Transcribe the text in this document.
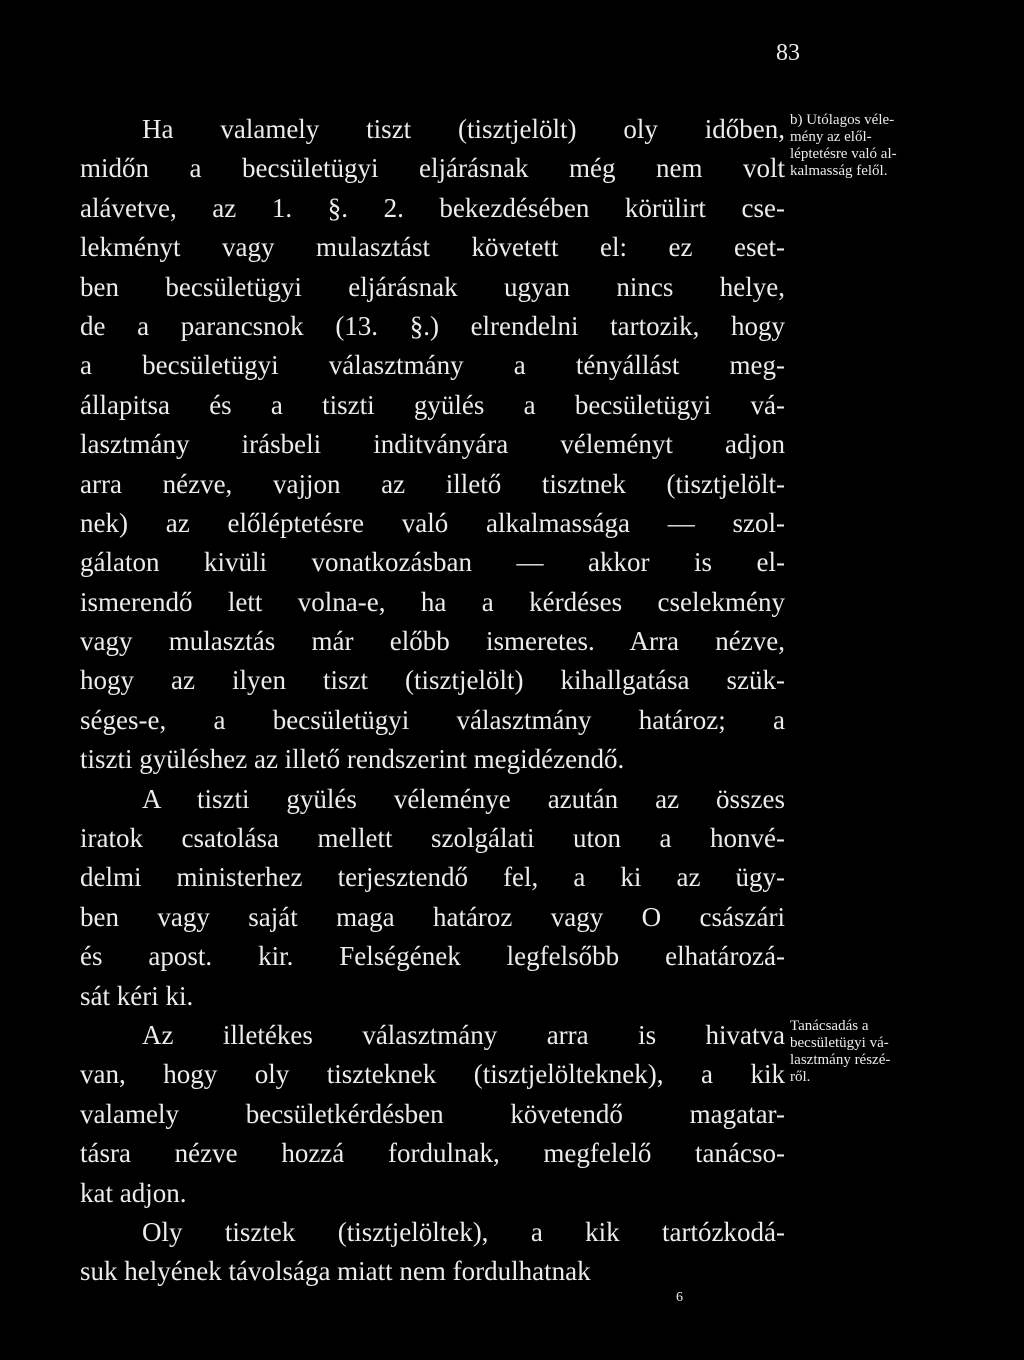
83
Ha valamely tiszt (tisztjelölt) oly időben,
midőn a becsületügyi eljárásnak még nem volt
alávetve, az 1. §. 2. bekezdésében körülirt cse-
lekményt vagy mulasztást követett el: ez eset-
ben becsületügyi eljárásnak ugyan nincs helye,
de a parancsnok (13. §.) elrendelni tartozik, hogy
a becsületügyi választmány a tényállást meg-
állapitsa és a tiszti gyülés a becsületügyi vá-
lasztmány irásbeli inditványára véleményt adjon
arra nézve, vajjon az illető tisztnek (tisztjelölt-
nek) az előléptetésre való alkalmassága — szol-
gálaton kivüli vonatkozásban — akkor is el-
ismerendő lett volna-e, ha a kérdéses cselekmény
vagy mulasztás már előbb ismeretes. Arra nézve,
hogy az ilyen tiszt (tisztjelölt) kihallgatása szük-
séges-e, a becsületügyi választmány határoz; a
tiszti gyüléshez az illető rendszerint megidézendő.
A tiszti gyülés véleménye azután az összes
iratok csatolása mellett szolgálati uton a honvé-
delmi ministerhez terjesztendő fel, a ki az ügy-
ben vagy saját maga határoz vagy O császári
és apost. kir. Felségének legfelsőbb elhatározá-
sát kéri ki.
Az illetékes választmány arra is hivatva
van, hogy oly tiszteknek (tisztjelölteknek), a kik
valamely becsületkérdésben követendő magatar-
tásra nézve hozzá fordulnak, megfelelő tanácso-
kat adjon.
Oly tisztek (tisztjelöltek), a kik tartózkodá-
suk helyének távolsága miatt nem fordulhatnak
b) Utólagos véle-
mény az elől-
léptetésre való al-
kalmasság felől.
Tanácsadás a
becsületügyi vá-
lasztmány részé-
ről.
6
